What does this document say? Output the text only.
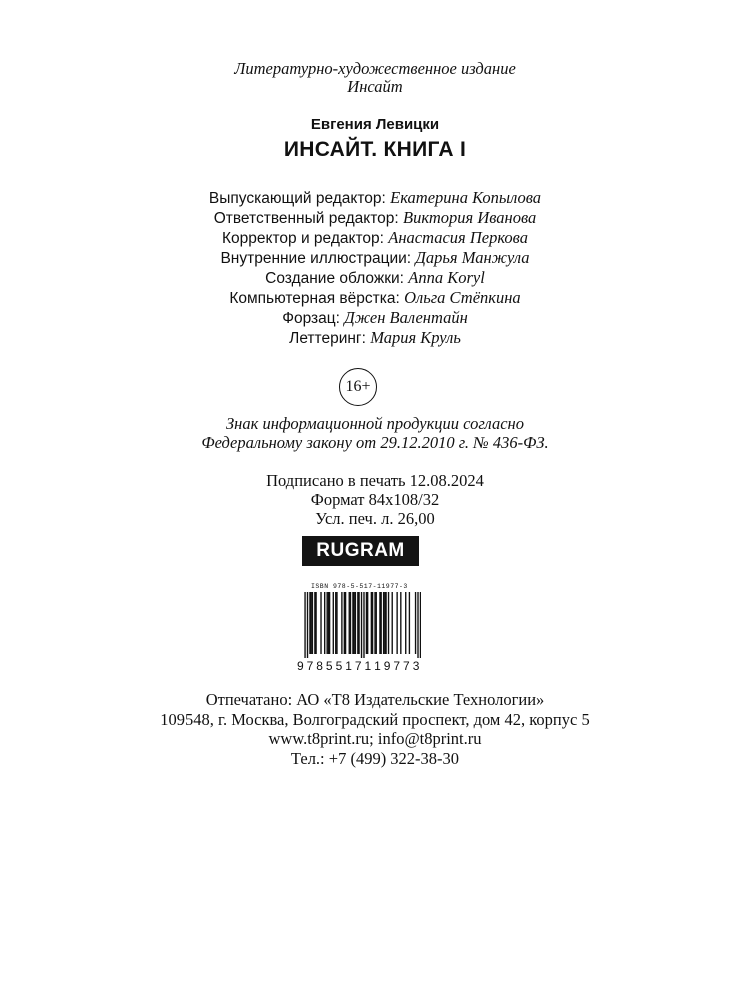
Литературно-художественное издание
Инсайт
Евгения Левицки
ИНСАЙТ. КНИГА I
Выпускающий редактор: Екатерина Копылова
Ответственный редактор: Виктория Иванова
Корректор и редактор: Анастасия Перкова
Внутренние иллюстрации: Дарья Манжула
Создание обложки: Anna Koryl
Компьютерная вёрстка: Ольга Стёпкина
Форзац: Джен Валентайн
Леттеринг: Мария Круль
16+
Знак информационной продукции согласно
Федеральному закону от 29.12.2010 г. № 436-ФЗ.
Подписано в печать 12.08.2024
Формат 84x108/32
Усл. печ. л. 26,00
RUGRAM
ISBN 978-5-517-11977-3
9 7 8 5 5 1 7 1 1 9 7 7 3
Отпечатано: АО «Т8 Издательские Технологии»
109548, г. Москва, Волгоградский проспект, дом 42, корпус 5
www.t8print.ru; info@t8print.ru
Тел.: +7 (499) 322-38-30
